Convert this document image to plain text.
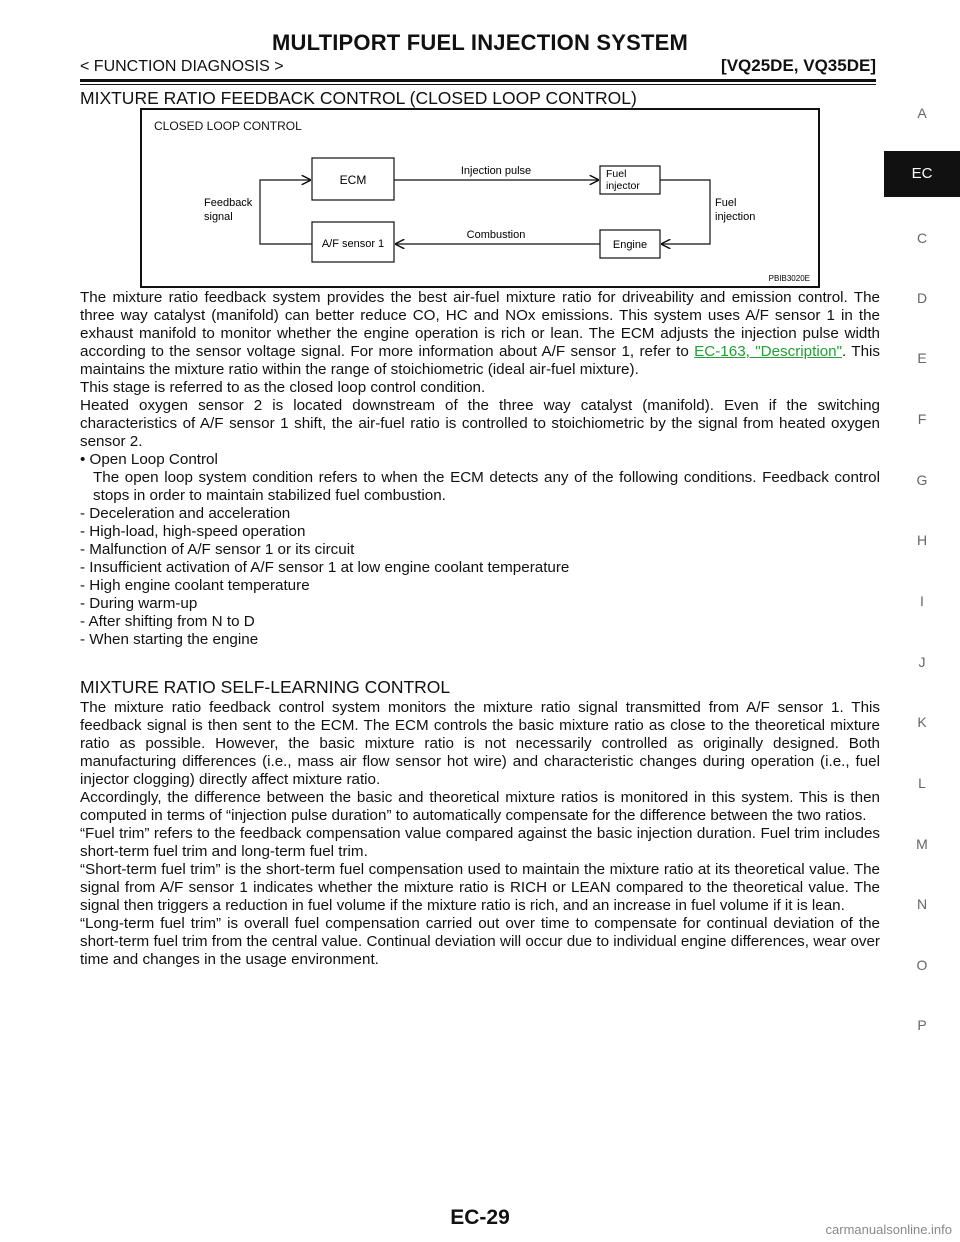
MULTIPORT FUEL INJECTION SYSTEM
< FUNCTION DIAGNOSIS >	[VQ25DE, VQ35DE]
MIXTURE RATIO FEEDBACK CONTROL (CLOSED LOOP CONTROL)
CLOSED LOOP CONTROL
ECM	Fuel
injector
A/F sensor 1	Engine
Injection pulse
Combustion
Feedback
signal
Fuel
injection
PBIB3020E

The mixture ratio feedback system provides the best air-fuel mixture ratio for driveability and emission control. The three way catalyst (manifold) can better reduce CO, HC and NOx emissions. This system uses A/F sensor 1 in the exhaust manifold to monitor whether the engine operation is rich or lean. The ECM adjusts the injection pulse width according to the sensor voltage signal. For more information about A/F sensor 1, refer to EC-163, "Description". This maintains the mixture ratio within the range of stoichiometric (ideal air-fuel mixture).

This stage is referred to as the closed loop control condition.

Heated oxygen sensor 2 is located downstream of the three way catalyst (manifold). Even if the switching characteristics of A/F sensor 1 shift, the air-fuel ratio is controlled to stoichiometric by the signal from heated oxygen sensor 2.

• Open Loop Control

The open loop system condition refers to when the ECM detects any of the following conditions. Feedback control stops in order to maintain stabilized fuel combustion.

- Deceleration and acceleration

- High-load, high-speed operation

- Malfunction of A/F sensor 1 or its circuit

- Insufficient activation of A/F sensor 1 at low engine coolant temperature

- High engine coolant temperature

- During warm-up

- After shifting from N to D

- When starting the engine

MIXTURE RATIO SELF-LEARNING CONTROL

The mixture ratio feedback control system monitors the mixture ratio signal transmitted from A/F sensor 1. This feedback signal is then sent to the ECM. The ECM controls the basic mixture ratio as close to the theoretical mixture ratio as possible. However, the basic mixture ratio is not necessarily controlled as originally designed. Both manufacturing differences (i.e., mass air flow sensor hot wire) and characteristic changes during operation (i.e., fuel injector clogging) directly affect mixture ratio.

Accordingly, the difference between the basic and theoretical mixture ratios is monitored in this system. This is then computed in terms of “injection pulse duration” to automatically compensate for the difference between the two ratios.

“Fuel trim” refers to the feedback compensation value compared against the basic injection duration. Fuel trim includes short-term fuel trim and long-term fuel trim.

“Short-term fuel trim” is the short-term fuel compensation used to maintain the mixture ratio at its theoretical value. The signal from A/F sensor 1 indicates whether the mixture ratio is RICH or LEAN compared to the theoretical value. The signal then triggers a reduction in fuel volume if the mixture ratio is rich, and an increase in fuel volume if it is lean.

“Long-term fuel trim” is overall fuel compensation carried out over time to compensate for continual deviation of the short-term fuel trim from the central value. Continual deviation will occur due to individual engine differences, wear over time and changes in the usage environment.

A
EC
C
D
E
F
G
H
I
J
K
L
M
N
O
P
EC-29
carmanualsonline.info
